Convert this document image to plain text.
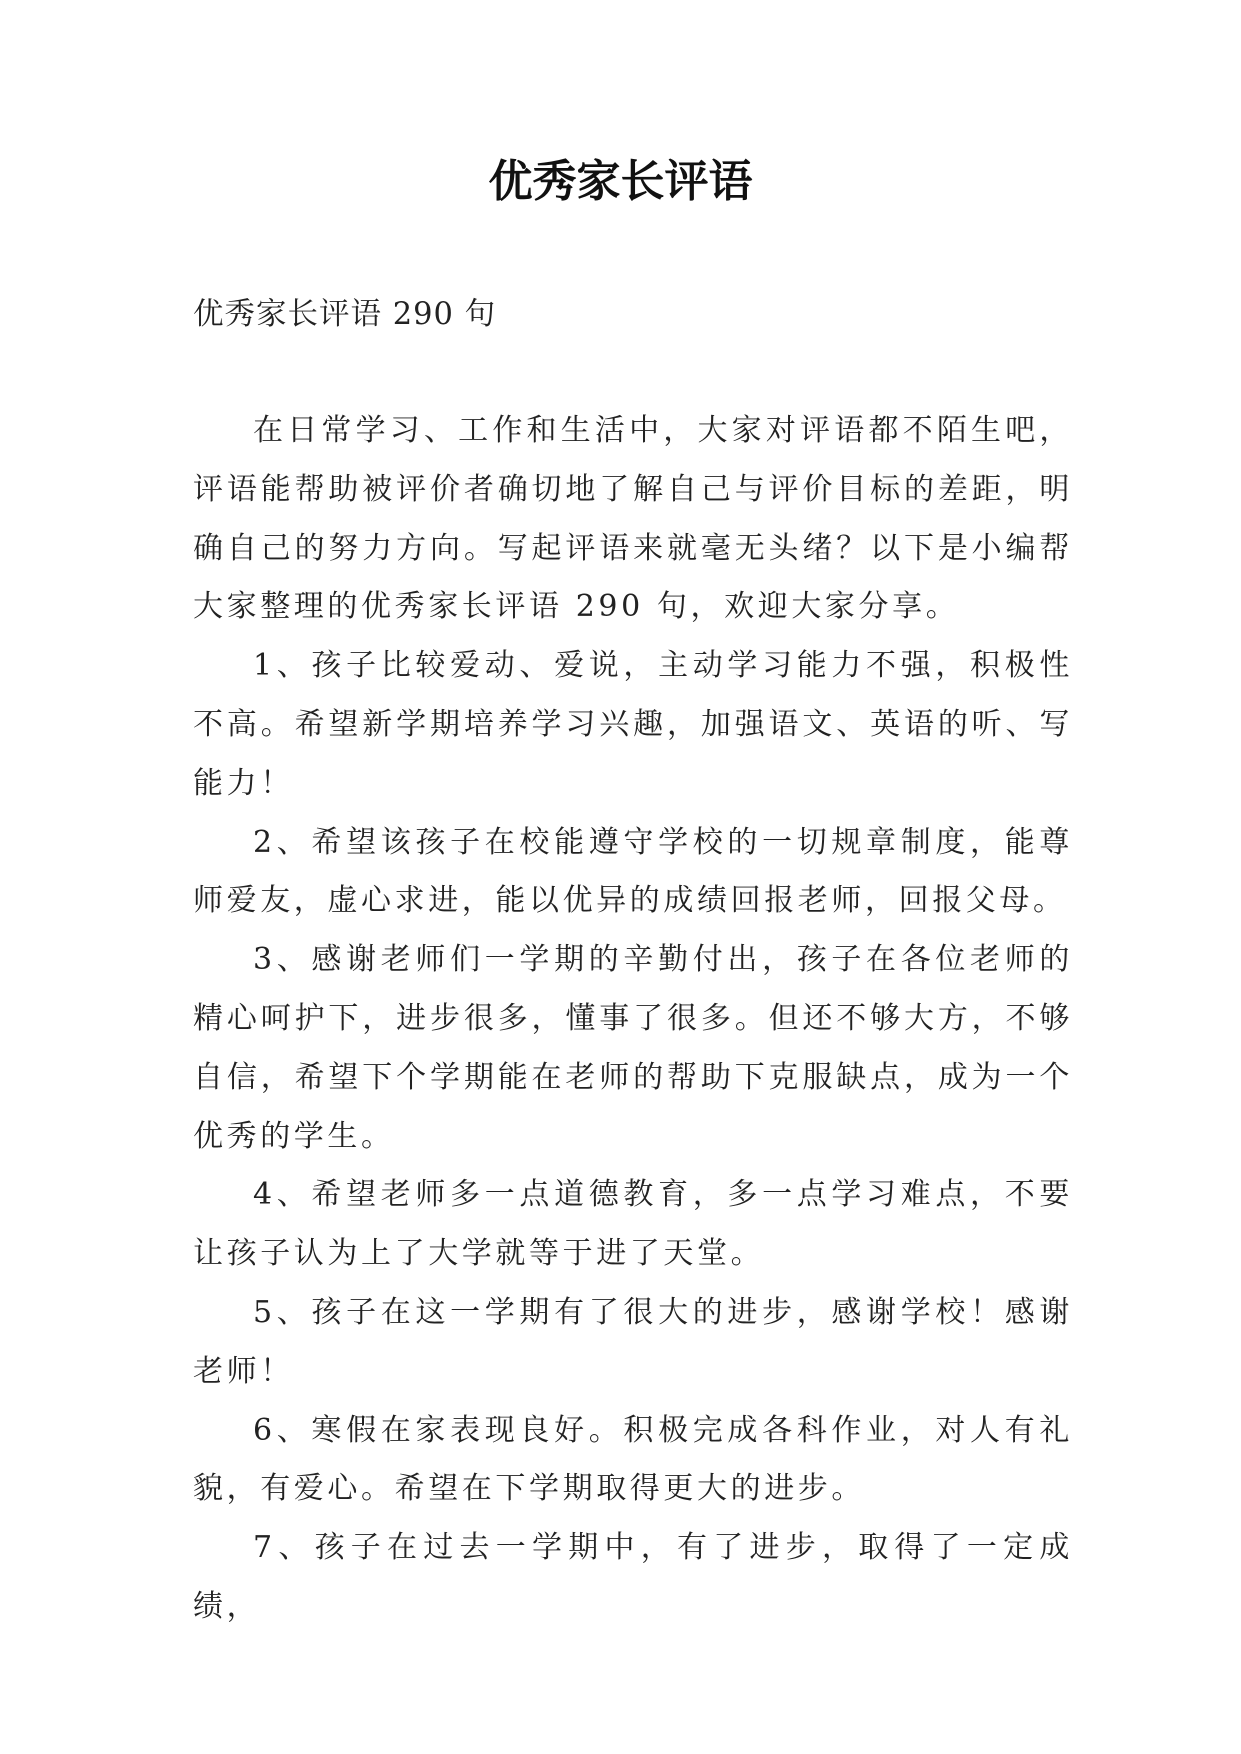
优秀家长评语

优秀家长评语 290 句

在日常学习、工作和生活中，大家对评语都不陌生吧，评语能帮助被评价者确切地了解自己与评价目标的差距，明确自己的努力方向。写起评语来就毫无头绪？以下是小编帮大家整理的优秀家长评语 290 句，欢迎大家分享。

1、孩子比较爱动、爱说，主动学习能力不强，积极性不高。希望新学期培养学习兴趣，加强语文、英语的听、写能力！

2、希望该孩子在校能遵守学校的一切规章制度，能尊师爱友，虚心求进，能以优异的成绩回报老师，回报父母。

3、感谢老师们一学期的辛勤付出，孩子在各位老师的精心呵护下，进步很多，懂事了很多。但还不够大方，不够自信，希望下个学期能在老师的帮助下克服缺点，成为一个优秀的学生。

4、希望老师多一点道德教育，多一点学习难点，不要让孩子认为上了大学就等于进了天堂。

5、孩子在这一学期有了很大的进步，感谢学校！感谢老师！

6、寒假在家表现良好。积极完成各科作业，对人有礼貌，有爱心。希望在下学期取得更大的进步。

7、孩子在过去一学期中，有了进步，取得了一定成绩，
